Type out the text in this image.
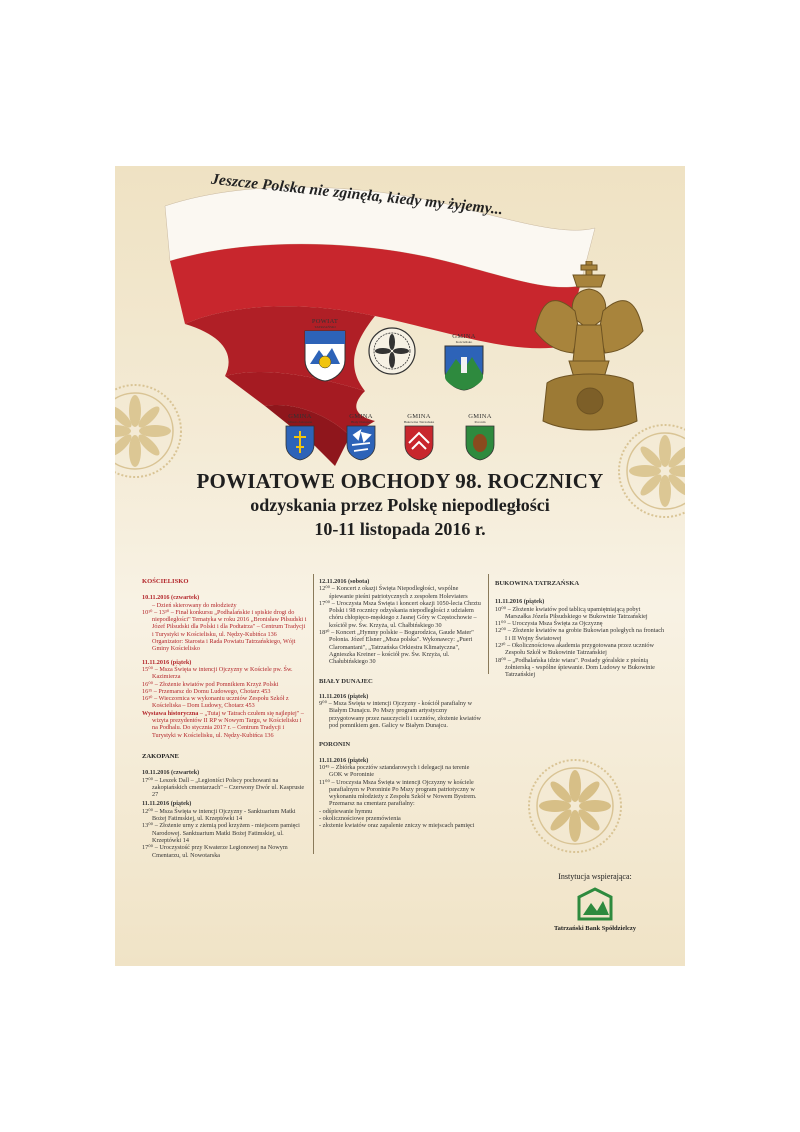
Jeszcze Polska nie zginęła, kiedy my żyjemy...
POWIAT
TATRZAŃSKI
GMINA
Kościelisko
GMINA
Miasto Zakopane
GMINA
Biały Dunajec
GMINA
Bukowina Tatrzańska
GMINA
Poronin
POWIATOWE OBCHODY 98. ROCZNICY
odzyskania przez Polskę niepodległości
10-11 listopada 2016 r.
KOŚCIELISKO
10.11.2016 (czwartek)
– Dzień skierowany do młodzieży
10¹⁰ – 13³⁰ – Finał konkursu „Podhalańskie i spiskie drogi do niepodległości" Tematyka w roku 2016 „Bronisław Piłsudski i Józef Piłsudski dla Polski i dla Podtatrza" – Centrum Tradycji i Turystyki w Kościelisku, ul. Nędzy-Kubińca 136 Organizator: Starosta i Rada Powiatu Tatrzańskiego, Wójt Gminy Kościelisko
11.11.2016 (piątek)
15⁰⁰ – Msza Święta w intencji Ojczyzny w Kościele pw. Św. Kazimierza
16⁰⁰ – Złożenie kwiatów pod Pomnikiem Krzyż Polski
16¹⁵ – Przemarsz do Domu Ludowego, Chotarz 453
16³⁰ – Wieczornica w wykonaniu uczniów Zespołu Szkół z Kościeliska – Dom Ludowy, Chotarz 453
Wystawa historyczna – „Tutaj w Tatrach czułem się najlepiej" – wizyta prezydentów II RP w Nowym Targu, w Kościelisku i na Podhalu. Do stycznia 2017 r. – Centrum Tradycji i Turystyki w Kościelisku, ul. Nędzy-Kubińca 136
ZAKOPANE
10.11.2016 (czwartek)
17⁰⁰ – Leszek Dall – „Legioniści Polscy pochowani na zakopiańskich cmentarzach" – Czerwony Dwór ul. Kasprusie 27
11.11.2016 (piątek)
12⁰⁰ – Msza Święta w intencji Ojczyzny - Sanktuarium Matki Bożej Fatimskiej, ul. Krzeptówki 14
13⁰⁰ – Złożenie urny z ziemią pod krzyżem - miejscem pamięci Narodowej. Sanktuarium Matki Bożej Fatimskiej, ul. Krzeptówki 14
17⁰⁰ – Uroczystość przy Kwaterze Legionowej na Nowym Cmentarzu, ul. Nowotarska
12.11.2016 (sobota)
12⁰⁰ – Koncert z okazji Święta Niepodległości, wspólne śpiewanie pieśni patriotycznych z zespołem Holeviaters
17⁰⁰ – Uroczysta Msza Święta i koncert okazji 1050-lecia Chrztu Polski i 98 rocznicy odzyskania niepodległości z udziałem chóru chłopięco-męskiego z Jasnej Góry w Częstochowie – kościół pw. Św. Krzyża, ul. Chałbińskiego 30
18³⁰ – Koncert „Hymny polskie – Bogurodzica, Gaude Mater" Polonia. Józef Elsner „Msza polska". Wykonawcy: „Pueri Claromantani", „Tatrzańska Orkiestra Klimatyczna", Agnieszka Kreiner – kościół pw. Św. Krzyża, ul. Chałubińskiego 30
BIAŁY DUNAJEC
11.11.2016 (piątek)
9⁰⁰ – Msza Święta w intencji Ojczyzny - kościół parafialny w Białym Dunajcu. Po Mszy program artystyczny przygotowany przez nauczycieli i uczniów, złożenie kwiatów pod pomnikiem gen. Galicy w Białym Dunajcu.
PORONIN
11.11.2016 (piątek)
10⁴⁵ – Zbiórka pocztów sztandarowych i delegacji na terenie GOK w Poroninie
11⁰⁰ – Uroczysta Msza Święta w intencji Ojczyzny w kościele parafialnym w Poroninie Po Mszy program patriotyczny w wykonaniu młodzieży z Zespołu Szkół w Nowem Bystrem. Przemarsz na cmentarz parafialny:
- odśpiewanie hymnu
- okolicznościowe przemówienia
- złożenie kwiatów oraz zapalenie zniczy w miejscach pamięci
BUKOWINA TATRZAŃSKA
11.11.2016 (piątek)
10⁰⁰ – Złożenie kwiatów pod tablicą upamiętniającą pobyt Marszałka Józefa Piłsudskiego w Bukowinie Tatrzańskiej
11⁰⁰ – Uroczysta Msza Święta za Ojczyznę
12⁰⁰ – Złożenie kwiatów na grobie Bukowian poległych na frontach I i II Wojny Światowej
12³⁰ – Okolicznościowa akademia przygotowana przez uczniów Zespołu Szkół w Bukowinie Tatrzańskiej
18⁰⁰ – „Podhalańska idzie wiara". Posiady góralskie z pieśnią żołnierską - wspólne śpiewanie. Dom Ludowy w Bukowinie Tatrzańskiej
Instytucja wspierająca:
Tatrzański Bank Spółdzielczy
